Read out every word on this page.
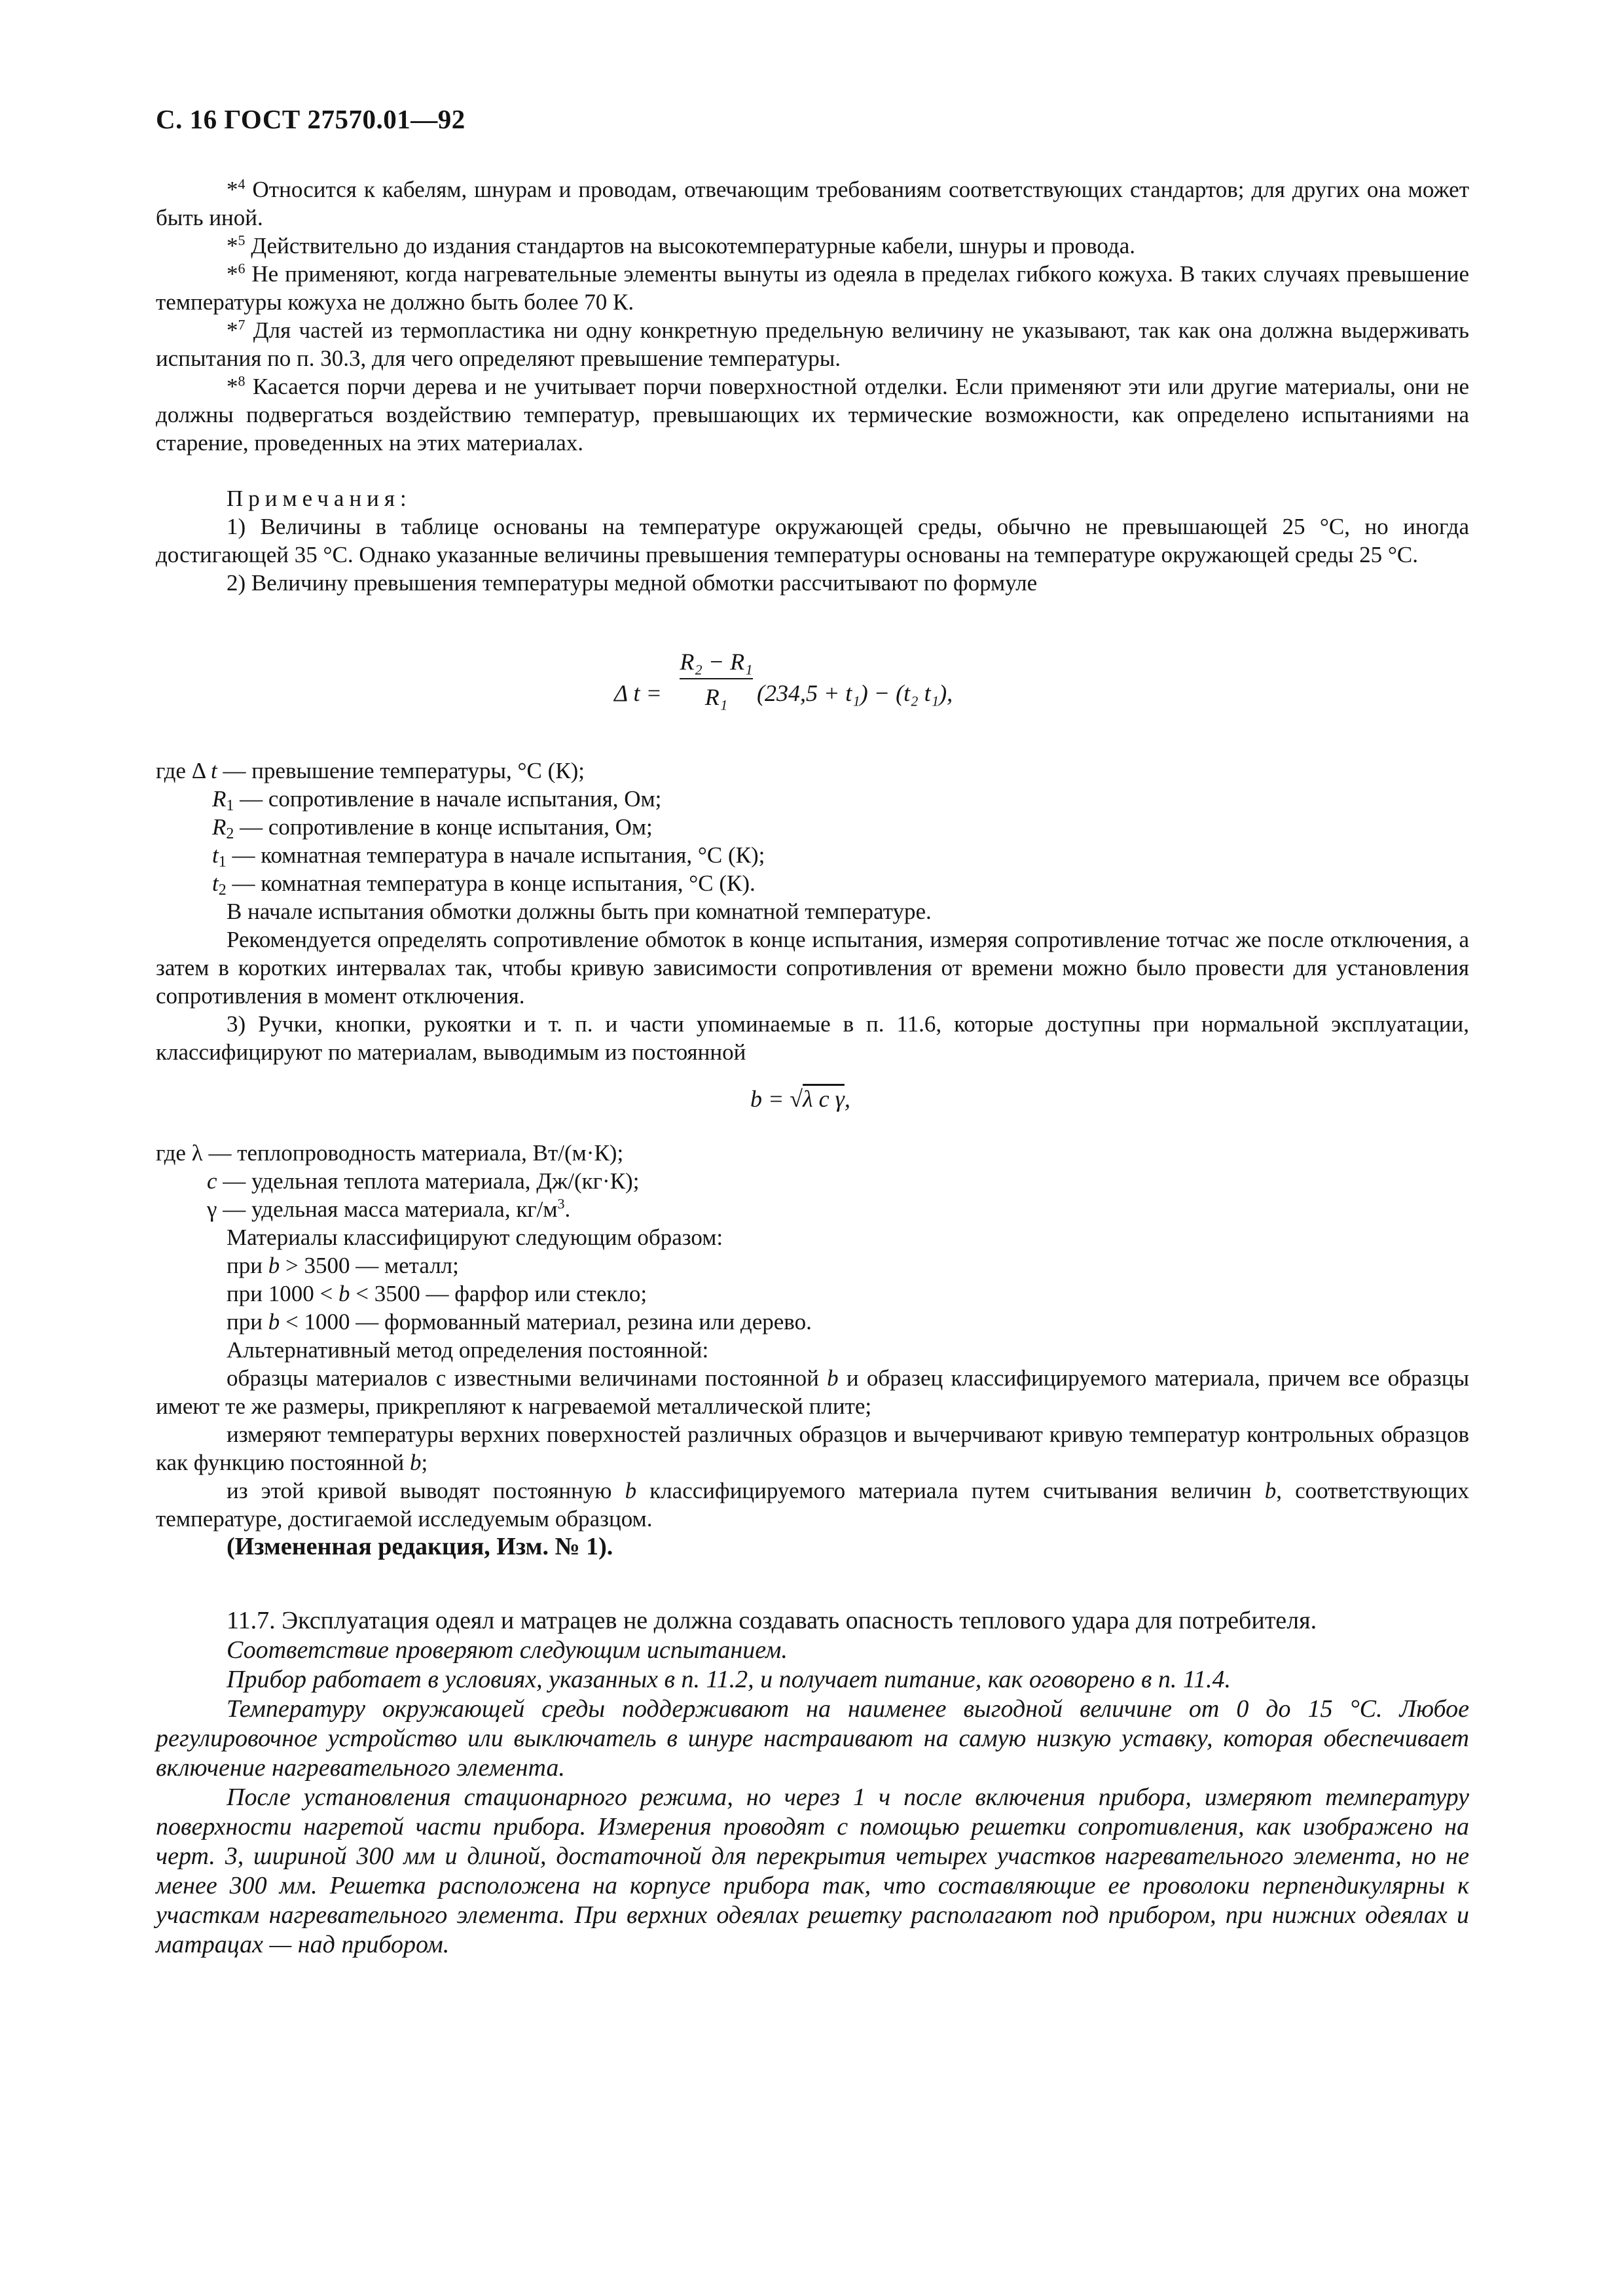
С. 16 ГОСТ 27570.01—92

*$^4$ Относится к кабелям, шнурам и проводам, отвечающим требованиям соответствующих стандартов; для других она может быть иной.

*$^5$ Действительно до издания стандартов на высокотемпературные кабели, шнуры и провода.

*$^6$ Не применяют, когда нагревательные элементы вынуты из одеяла в пределах гибкого кожуха. В таких случаях превышение температуры кожуха не должно быть более 70 К.

*$^7$ Для частей из термопластика ни одну конкретную предельную величину не указывают, так как она должна выдерживать испытания по п. 30.3, для чего определяют превышение температуры.

*$^8$ Касается порчи дерева и не учитывает порчи поверхностной отделки. Если применяют эти или другие материалы, они не должны подвергаться воздействию температур, превышающих их термические возможности, как определено испытаниями на старение, проведенных на этих материалах.

Примечания:

1) Величины в таблице основаны на температуре окружающей среды, обычно не превышающей 25 °С, но иногда достигающей 35 °С. Однако указанные величины превышения температуры основаны на температуре окружающей среды 25 °С.

2) Величину превышения температуры медной обмотки рассчитывают по формуле

Δ $t = \frac{\text{R₂ − R₁}}{\text{R₁}} (234,5 + t_1) - (t_2$ t₁),
где Δ t — превышение температуры, °С (К);
$R_1$ — сопротивление в начале испытания, Ом;
$R_2$ — сопротивление в конце испытания, Ом;
$t_1$ — комнатная температура в начале испытания, °С (К);
$t_2$ — комнатная температура в конце испытания, °С (К).

В начале испытания обмотки должны быть при комнатной температуре.

Рекомендуется определять сопротивление обмоток в конце испытания, измеряя сопротивление тотчас же после отключения, а затем в коротких интервалах так, чтобы кривую зависимости сопротивления от времени можно было провести для установления сопротивления в момент отключения.

3) Ручки, кнопки, рукоятки и т. п. и части упоминаемые в п. 11.6, которые доступны при нормальной эксплуатации, классифицируют по материалам, выводимым из постоянной

b = √λ c γ,
где λ — теплопроводность материала, Вт/(м·К);
c — удельная теплота материала, Дж/(кг·К);
γ — удельная масса материала, $кг/м^3$.
Материалы классифицируют следующим образом:
при b > 3500 — металл;
при 1000 < b < 3500 — фарфор или стекло;
при b < 1000 — формованный материал, резина или дерево.
Альтернативный метод определения постоянной:

образцы материалов с известными величинами постоянной b и образец классифицируемого материала, причем все образцы имеют те же размеры, прикрепляют к нагреваемой металлической плите;

измеряют температуры верхних поверхностей различных образцов и вычерчивают кривую температур контрольных образцов как функцию постоянной b;

из этой кривой выводят постоянную b классифицируемого материала путем считывания величин b, соответствующих температуре, достигаемой исследуемым образцом.

(Измененная редакция, Изм. № 1).

11.7. Эксплуатация одеял и матрацев не должна создавать опасность теплового удара для потребителя.

Соответствие проверяют следующим испытанием.

Прибор работает в условиях, указанных в п. 11.2, и получает питание, как оговорено в п. 11.4.

Температуру окружающей среды поддерживают на наименее выгодной величине от 0 до 15 °С. Любое регулировочное устройство или выключатель в шнуре настраивают на самую низкую уставку, которая обеспечивает включение нагревательного элемента.

После установления стационарного режима, но через 1 ч после включения прибора, измеряют температуру поверхности нагретой части прибора. Измерения проводят с помощью решетки сопротивления, как изображено на черт. 3, шириной 300 мм и длиной, достаточной для перекрытия четырех участков нагревательного элемента, но не менее 300 мм. Решетка расположена на корпусе прибора так, что составляющие ее проволоки перпендикулярны к участкам нагревательного элемента. При верхних одеялах решетку располагают под прибором, при нижних одеялах и матрацах — над прибором.
